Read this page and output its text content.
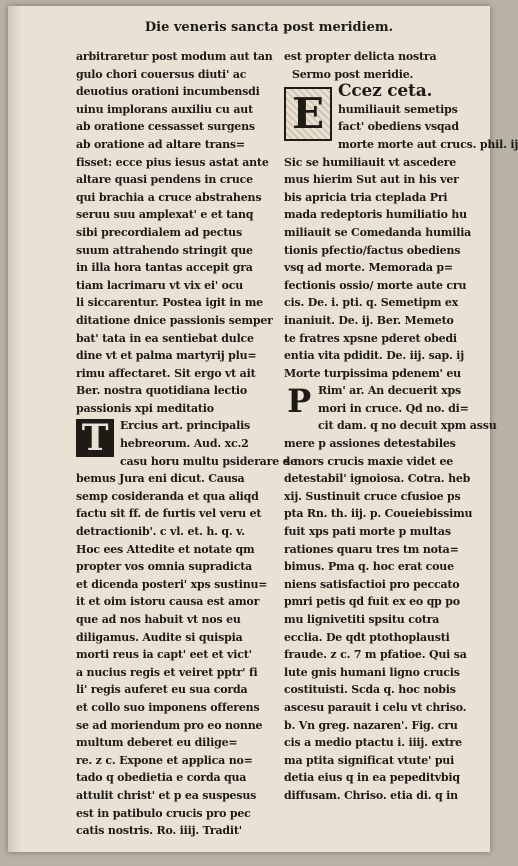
Die veneris sancta post meridiem.
arbitraretur post modum aut tan
gulo chori couersus diuti' ac
deuotius orationi incumbensdi
uinu implorans auxiliu cu aut
ab oratione cessasset surgens
ab oratione ad altare trans=
fisset: ecce pius iesus astat ante
altare quasi pendens in cruce
qui brachia a cruce abstrahens
seruu suu amplexat' e et tanq
sibi precordialem ad pectus
suum attrahendo stringit que
in illa hora tantas accepit gra
tiam lacrimaru vt vix ei' ocu
li siccarentur. Postea igit in me
ditatione dnice passionis semper
bat' tata in ea sentiebat dulce
dine vt et palma martyrij plu=
rimu affectaret. Sit ergo vt ait
Ber. nostra quotidiana lectio
passionis xpi meditatio
T	Ercius art. principalis
hebreorum. Aud. xc.2
casu horu multu psiderare de
bemus Jura eni dicut. Causa
semp cosideranda et qua aliqd
factu sit ff. de furtis vel veru et
detractionib'. c vl. et. h. q. v.
Hoc ees Attedite et notate qm
propter vos omnia supradicta
et dicenda posteri' xps sustinu=
it et oim istoru causa est amor
que ad nos habuit vt nos eu
diligamus. Audite si quispia
morti reus ia capt' eet et vict'
a nucius regis et veiret pptr' fi
li' regis auferet eu sua corda
et collo suo imponens offerens
se ad moriendum pro eo nonne
multum deberet eu dilige=
re. z c. Expone et applica no=
tado q obedietia e corda qua
attulit christ' et p ea suspesus
est in patibulo crucis pro pec
catis nostris. Ro. iiij. Tradit'
est propter delicta nostra
Sermo post meridie.
E Ccez ceta.
humiliauit semetips
fact' obediens vsqad
morte morte aut crucs. phil. ij
Sic se humiliauit vt ascedere
mus hierim Sut aut in his ver
bis apricia tria cteplada Pri
mada redeptoris humiliatio hu
miliauit se Comedanda humilia
tionis pfectio/factus obediens
vsq ad morte. Memorada p=
fectionis ossio/ morte aute cru
cis. De. i. pti. q. Semetipm ex
inaniuit. De. ij. Ber. Memeto
te fratres xpsne pderet obedi
entia vita pdidit. De. iij. sap. ij
Morte turpissima pdenem' eu
P Rim' ar. An decuerit xps
mori in cruce. Qd no. di=
cit dam. q no decuit xpm assu
mere p assiones detestabiles
s mors crucis maxie videt ee
detestabil' ignoiosa. Cotra. heb
xij. Sustinuit cruce cfusioe ps
pta Rn. th. iij. p. Coueiebissimu
fuit xps pati morte p multas
rationes quaru tres tm nota=
bimus. Pma q. hoc erat coue
niens satisfactioi pro peccato
pmri petis qd fuit ex eo qp po
mu lignivetiti spsitu cotra
ecclia. De qdt ptothoplausti
fraude. z c. 7 m pfatioe. Qui sa
lute gnis humani ligno crucis
costituisti. Scda q. hoc nobis
ascesu parauit i celu vt chriso.
b. Vn greg. nazaren'. Fig. cru
cis a medio ptactu i. iiij. extre
ma ptita significat vtute' pui
detia eius q in ea pepeditvbiq
diffusam. Chriso. etia di. q in
